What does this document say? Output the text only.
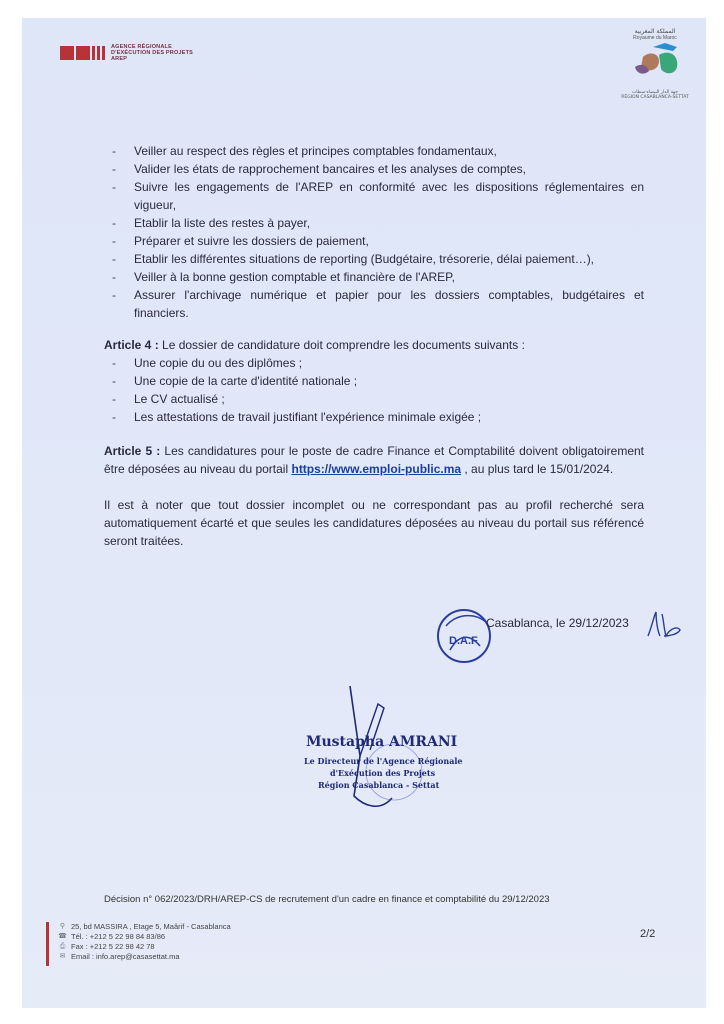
AGENCE RÉGIONALE
D'EXÉCUTION DES PROJETS
AREP
المملكة المغربية
Royaume du Maroc
جهة الدار البيضاء-سطات
RÉGION CASABLANCA-SETTAT
- Veiller au respect des règles et principes comptables fondamentaux,
- Valider les états de rapprochement bancaires et les analyses de comptes,
- Suivre les engagements de l'AREP en conformité avec les dispositions réglementaires en vigueur,
- Etablir la liste des restes à payer,
- Préparer et suivre les dossiers de paiement,
- Etablir les différentes situations de reporting (Budgétaire, trésorerie, délai paiement…),
- Veiller à la bonne gestion comptable et financière de l'AREP,
- Assurer l'archivage numérique et papier pour les dossiers comptables, budgétaires et financiers.
Article 4 : Le dossier de candidature doit comprendre les documents suivants :
- Une copie du ou des diplômes ;
- Une copie de la carte d'identité nationale ;
- Le CV actualisé ;
- Les attestations de travail justifiant l'expérience minimale exigée ;
Article 5 : Les candidatures pour le poste de cadre Finance et Comptabilité doivent obligatoirement être déposées au niveau du portail https://www.emploi-public.ma , au plus tard le 15/01/2024.
Il est à noter que tout dossier incomplet ou ne correspondant pas au profil recherché sera automatiquement écarté et que seules les candidatures déposées au niveau du portail sus référencé seront traitées.
D.A.F
Casablanca, le 29/12/2023
Mustapha AMRANI
Le Directeur de l'Agence Régionale
d'Exécution des Projets
Région Casablanca - Settat
Décision n° 062/2023/DRH/AREP-CS de recrutement d'un cadre en finance et comptabilité du 29/12/2023
⚲ 25, bd MASSIRA , Etage 5, Maârif - Casablanca
☎ Tél. : +212 5 22 98 84 83/86
⎙ Fax : +212 5 22 98 42 78
✉ Email : info.arep@casasettat.ma
2/2
